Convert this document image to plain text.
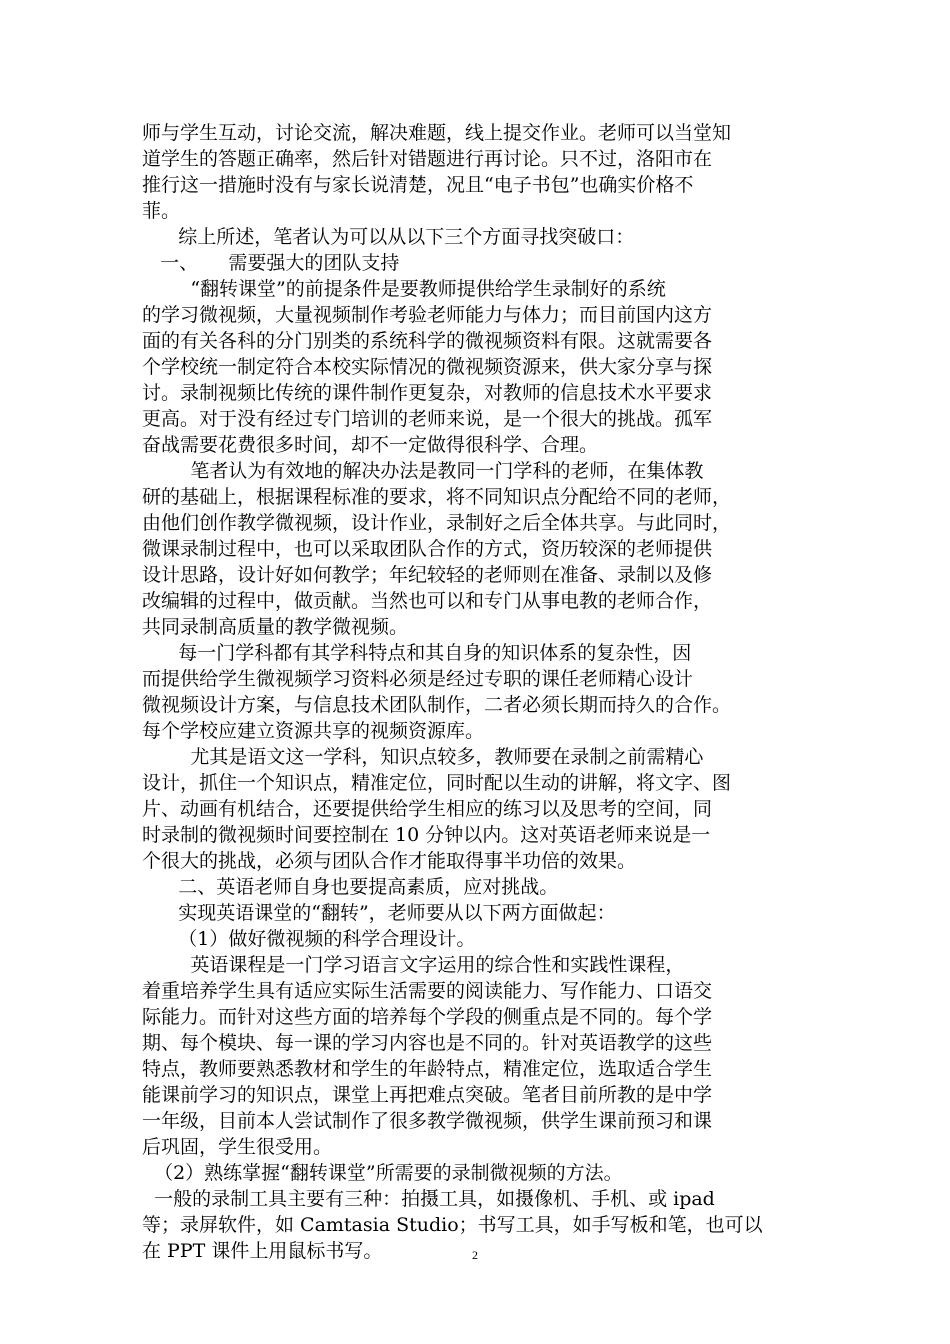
师与学生互动，讨论交流，解决难题，线上提交作业。老师可以当堂知
道学生的答题正确率，然后针对错题进行再讨论。只不过，洛阳市在
推行这一措施时没有与家长说清楚，况且“电子书包”也确实价格不
菲。
综上所述，笔者认为可以从以下三个方面寻找突破口：
一、     需要强大的团队支持
“翻转课堂”的前提条件是要教师提供给学生录制好的系统
的学习微视频，大量视频制作考验老师能力与体力；而目前国内这方
面的有关各科的分门别类的系统科学的微视频资料有限。这就需要各
个学校统一制定符合本校实际情况的微视频资源来，供大家分享与探
讨。录制视频比传统的课件制作更复杂，对教师的信息技术水平要求
更高。对于没有经过专门培训的老师来说，是一个很大的挑战。孤军
奋战需要花费很多时间，却不一定做得很科学、合理。
笔者认为有效地的解决办法是教同一门学科的老师，在集体教
研的基础上，根据课程标准的要求，将不同知识点分配给不同的老师，
由他们创作教学微视频，设计作业，录制好之后全体共享。与此同时，
微课录制过程中，也可以采取团队合作的方式，资历较深的老师提供
设计思路，设计好如何教学；年纪较轻的老师则在准备、录制以及修
改编辑的过程中，做贡献。当然也可以和专门从事电教的老师合作，
共同录制高质量的教学微视频。
每一门学科都有其学科特点和其自身的知识体系的复杂性，因
而提供给学生微视频学习资料必须是经过专职的课任老师精心设计
微视频设计方案，与信息技术团队制作，二者必须长期而持久的合作。
每个学校应建立资源共享的视频资源库。
尤其是语文这一学科，知识点较多，教师要在录制之前需精心
设计，抓住一个知识点，精准定位，同时配以生动的讲解，将文字、图
片、动画有机结合，还要提供给学生相应的练习以及思考的空间，同
时录制的微视频时间要控制在 10 分钟以内。这对英语老师来说是一
个很大的挑战，必须与团队合作才能取得事半功倍的效果。
二、英语老师自身也要提高素质，应对挑战。
实现英语课堂的“翻转”，老师要从以下两方面做起：
（1）做好微视频的科学合理设计。
英语课程是一门学习语言文字运用的综合性和实践性课程，
着重培养学生具有适应实际生活需要的阅读能力、写作能力、口语交
际能力。而针对这些方面的培养每个学段的侧重点是不同的。每个学
期、每个模块、每一课的学习内容也是不同的。针对英语教学的这些
特点，教师要熟悉教材和学生的年龄特点，精准定位，选取适合学生
能课前学习的知识点，课堂上再把难点突破。笔者目前所教的是中学
一年级，目前本人尝试制作了很多教学微视频，供学生课前预习和课
后巩固，学生很受用。
（2）熟练掌握“翻转课堂”所需要的录制微视频的方法。
一般的录制工具主要有三种：拍摄工具，如摄像机、手机、或 ipad
等；录屏软件，如 Camtasia Studio；书写工具，如手写板和笔，也可以
在 PPT 课件上用鼠标书写。	2
